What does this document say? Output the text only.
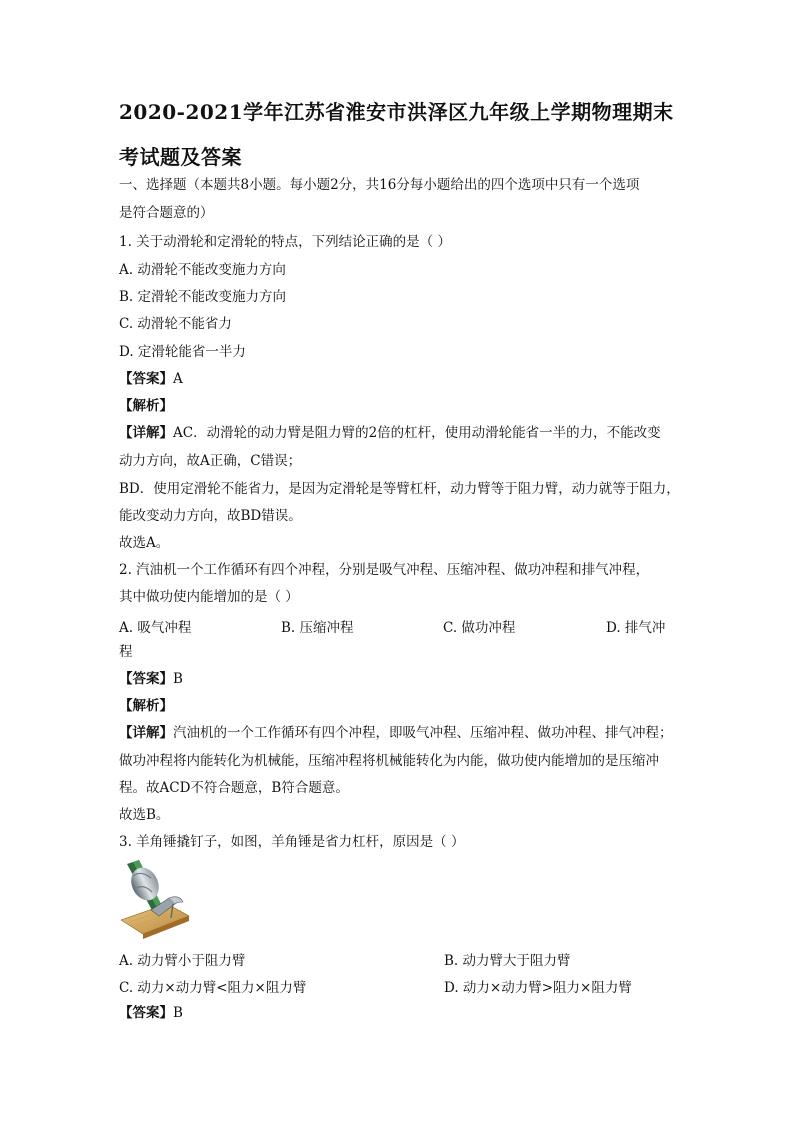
2020-2021学年江苏省淮安市洪泽区九年级上学期物理期末
考试题及答案
一、选择题（本题共8小题。每小题2分，共16分每小题给出的四个选项中只有一个选项
是符合题意的）
1. 关于动滑轮和定滑轮的特点，下列结论正确的是（ ）
A. 动滑轮不能改变施力方向
B. 定滑轮不能改变施力方向
C. 动滑轮不能省力
D. 定滑轮能省一半力
【答案】A
【解析】
【详解】AC．动滑轮的动力臂是阻力臂的2倍的杠杆，使用动滑轮能省一半的力，不能改变
动力方向，故A正确，C错误；
BD．使用定滑轮不能省力，是因为定滑轮是等臂杠杆，动力臂等于阻力臂，动力就等于阻力，
能改变动力方向，故BD错误。
故选A。
2. 汽油机一个工作循环有四个冲程，分别是吸气冲程、压缩冲程、做功冲程和排气冲程，
其中做功使内能增加的是（ ）
A. 吸气冲程	B. 压缩冲程	C. 做功冲程	D. 排气冲
程
【答案】B
【解析】
【详解】汽油机的一个工作循环有四个冲程，即吸气冲程、压缩冲程、做功冲程、排气冲程；
做功冲程将内能转化为机械能，压缩冲程将机械能转化为内能，做功使内能增加的是压缩冲
程。故ACD不符合题意，B符合题意。
故选B。
3. 羊角锤撬钉子，如图，羊角锤是省力杠杆，原因是（ ）
A. 动力臂小于阻力臂	B. 动力臂大于阻力臂
C. 动力×动力臂<阻力×阻力臂	D. 动力×动力臂>阻力×阻力臂
【答案】B
